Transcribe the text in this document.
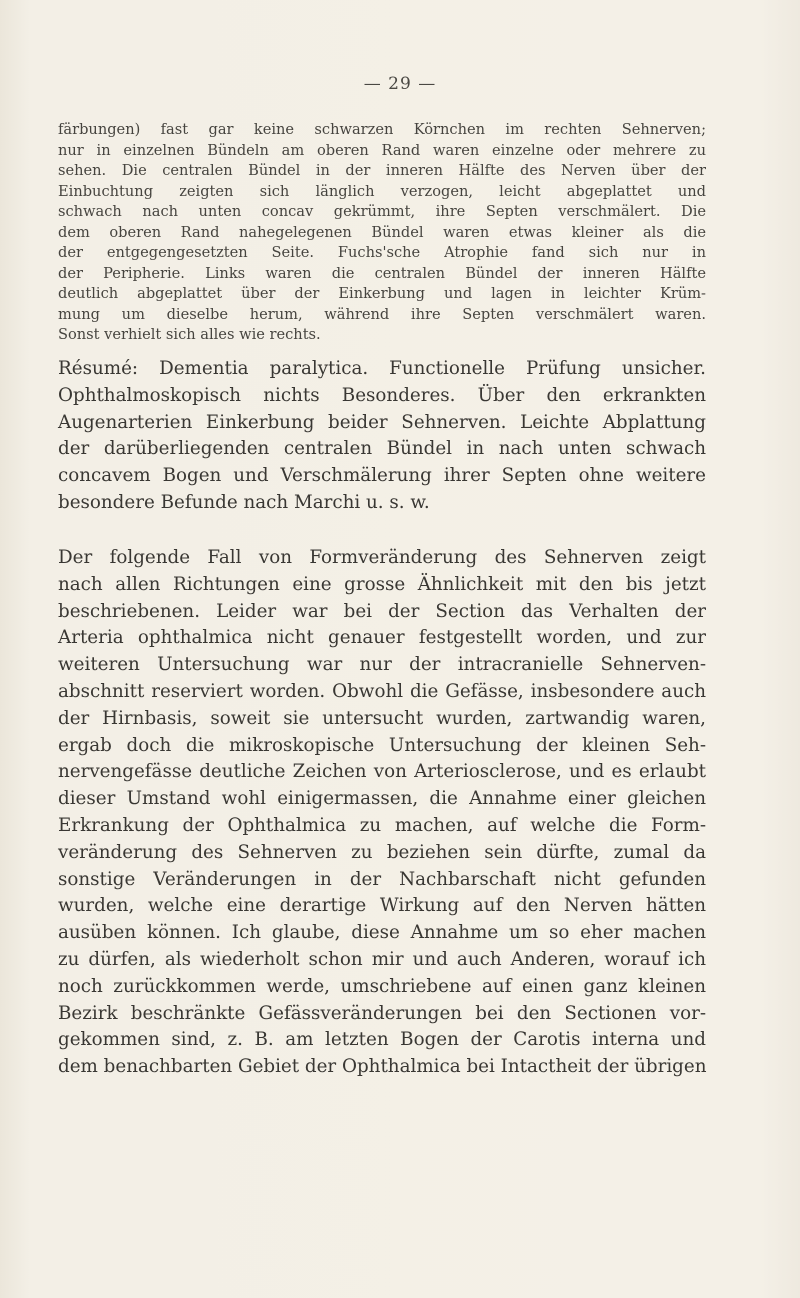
— 29 —

färbungen) fast gar keine schwarzen Körnchen im rechten Sehnerven;
nur in einzelnen Bündeln am oberen Rand waren einzelne oder mehrere zu
sehen. Die centralen Bündel in der inneren Hälfte des Nerven über der
Einbuchtung zeigten sich länglich verzogen, leicht abgeplattet und
schwach nach unten concav gekrümmt, ihre Septen verschmälert. Die
dem oberen Rand nahegelegenen Bündel waren etwas kleiner als die
der entgegengesetzten Seite. Fuchs'sche Atrophie fand sich nur in
der Peripherie. Links waren die centralen Bündel der inneren Hälfte
deutlich abgeplattet über der Einkerbung und lagen in leichter Krüm-
mung um dieselbe herum, während ihre Septen verschmälert waren.
Sonst verhielt sich alles wie rechts.

Résumé: Dementia paralytica. Functionelle Prüfung unsicher.
Ophthalmoskopisch nichts Besonderes. Über den erkrankten
Augenarterien Einkerbung beider Sehnerven. Leichte Abplattung
der darüberliegenden centralen Bündel in nach unten schwach
concavem Bogen und Verschmälerung ihrer Septen ohne weitere
besondere Befunde nach Marchi u. s. w.

Der folgende Fall von Formveränderung des Sehnerven zeigt
nach allen Richtungen eine grosse Ähnlichkeit mit den bis jetzt
beschriebenen. Leider war bei der Section das Verhalten der
Arteria ophthalmica nicht genauer festgestellt worden, und zur
weiteren Untersuchung war nur der intracranielle Sehnerven-
abschnitt reserviert worden. Obwohl die Gefässe, insbesondere auch
der Hirnbasis, soweit sie untersucht wurden, zartwandig waren,
ergab doch die mikroskopische Untersuchung der kleinen Seh-
nervengefässe deutliche Zeichen von Arteriosclerose, und es erlaubt
dieser Umstand wohl einigermassen, die Annahme einer gleichen
Erkrankung der Ophthalmica zu machen, auf welche die Form-
veränderung des Sehnerven zu beziehen sein dürfte, zumal da
sonstige Veränderungen in der Nachbarschaft nicht gefunden
wurden, welche eine derartige Wirkung auf den Nerven hätten
ausüben können. Ich glaube, diese Annahme um so eher machen
zu dürfen, als wiederholt schon mir und auch Anderen, worauf ich
noch zurückkommen werde, umschriebene auf einen ganz kleinen
Bezirk beschränkte Gefässveränderungen bei den Sectionen vor-
gekommen sind, z. B. am letzten Bogen der Carotis interna und
dem benachbarten Gebiet der Ophthalmica bei Intactheit der übrigen
